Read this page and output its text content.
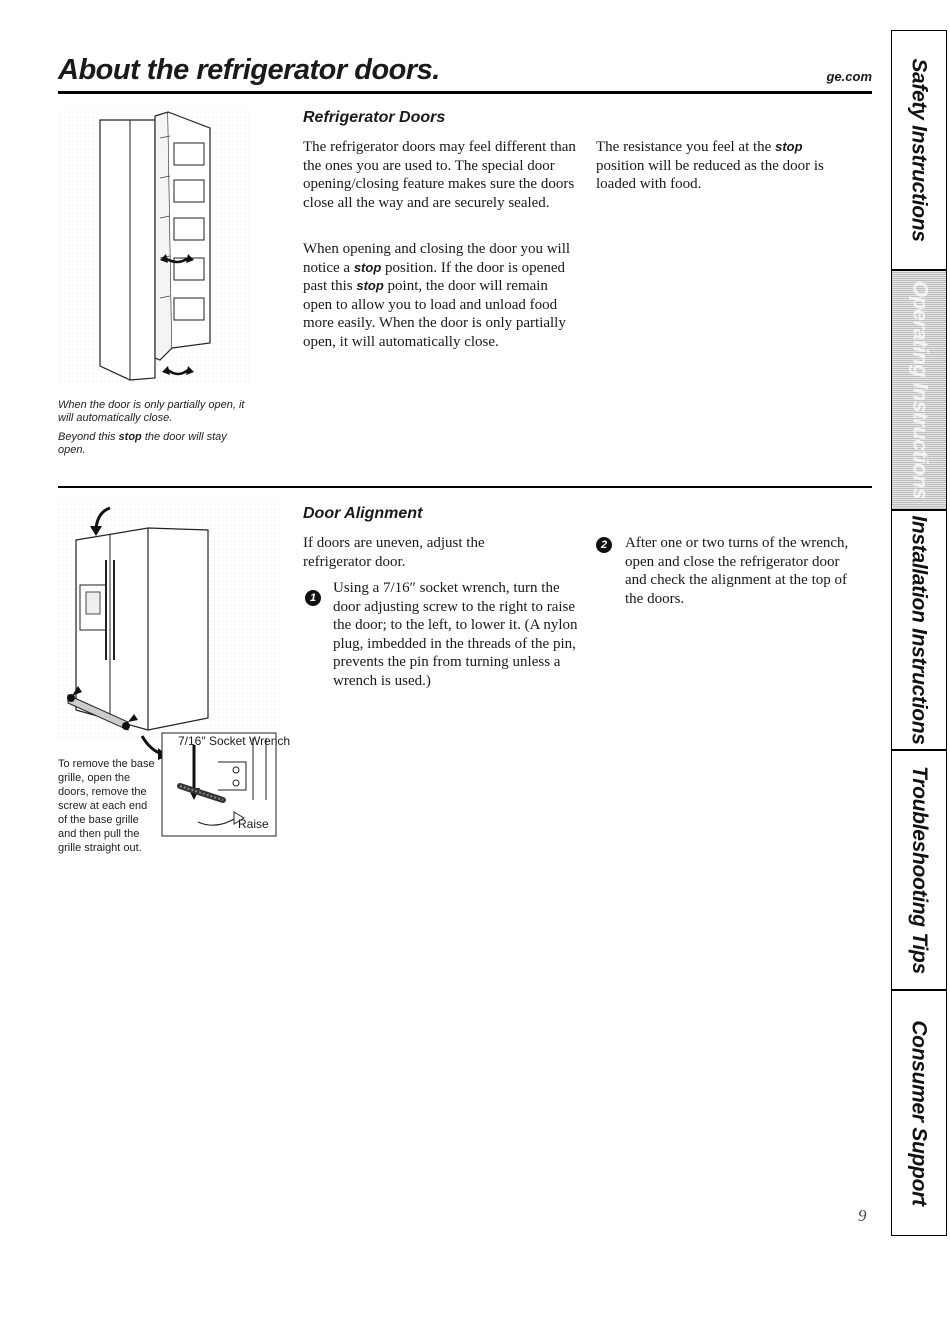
About the refrigerator doors.	ge.com

When the door is only partially open, it will automatically close.

Beyond this stop the door will stay open.

Refrigerator Doors

The refrigerator doors may feel different than the ones you are used to. The special door opening/closing feature makes sure the doors close all the way and are securely sealed.

When opening and closing the door you will notice a stop position. If the door is opened past this stop point, the door will remain open to allow you to load and unload food more easily. When the door is only partially open, it will automatically close.

The resistance you feel at the stop position will be reduced as the door is loaded with food.

7/16″ Socket Wrench
Raise

To remove the base grille, open the doors, remove the screw at each end of the base grille and then pull the grille straight out.

Door Alignment

If doors are uneven, adjust the refrigerator door.

1

Using a 7/16″ socket wrench, turn the door adjusting screw to the right to raise the door; to the left, to lower it. (A nylon plug, imbedded in the threads of the pin, prevents the pin from turning unless a wrench is used.)

2	After one or two turns of the wrench, open and close the refrigerator door and check the alignment at the top of the doors.

Safety Instructions
Operating Instructions
Installation Instructions
Troubleshooting Tips
Consumer Support
9
